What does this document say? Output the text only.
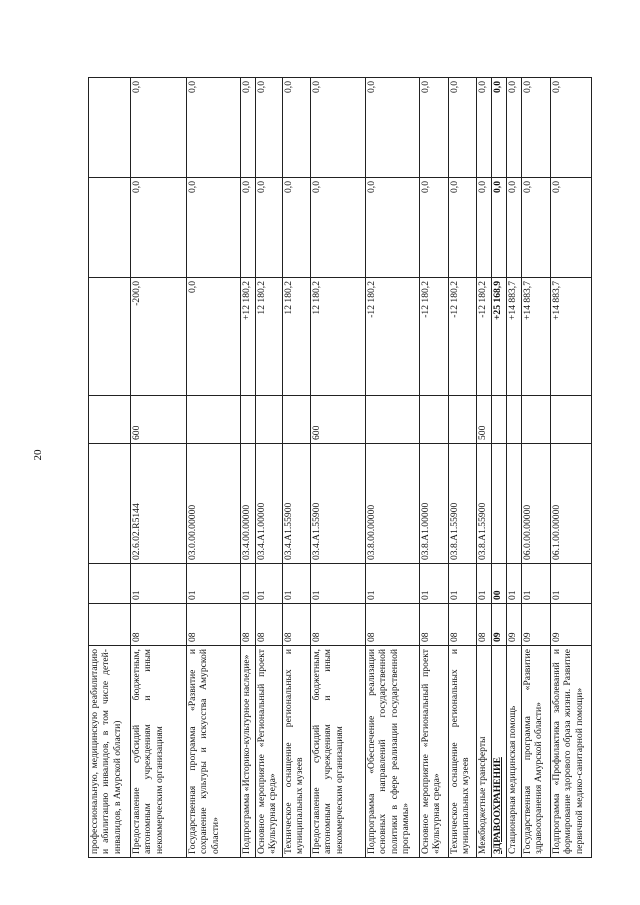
20
профессиональную, медицинскую реабилитацию и абилитацию инвалидов, в том числе детей-инвалидов, в Амурской области)							
Предоставление субсидий бюджетным, автономным учреждениям и иным некоммерческим организациям	08	01	02.6.02.R5144	600	-200,0	0,0	0,0
Государственная программа «Развитие и сохранение культуры и искусства Амурской области»	08	01	03.0.00.00000		0,0	0,0	0,0
Подпрограмма «Историко-культурное наследие»	08	01	03.4.00.00000		+12 180,2	0,0	0,0
Основное мероприятие «Региональный проект «Культурная среда»	08	01	03.4.A1.00000		12 180,2	0,0	0,0
Техническое оснащение региональных и муниципальных музеев	08	01	03.4.A1.55900		12 180,2	0,0	0,0
Предоставление субсидий бюджетным, автономным учреждениям и иным некоммерческим организациям	08	01	03.4.A1.55900	600	12 180,2	0,0	0,0
Подпрограмма «Обеспечение реализации основных направлений государственной политики в сфере реализации государственной программы»	08	01	03.8.00.00000		-12 180,2	0,0	0,0
Основное мероприятие «Региональный проект «Культурная среда»	08	01	03.8.A1.00000		-12 180,2	0,0	0,0
Техническое оснащение региональных и муниципальных музеев	08	01	03.8.A1.55900		-12 180,2	0,0	0,0
Межбюджетные трансферты	08	01	03.8.A1.55900	500	-12 180,2	0,0	0,0
ЗДРАВООХРАНЕНИЕ	09	00			+25 168,9	0,0	0,0
Стационарная медицинская помощь	09	01			+14 883,7	0,0	0,0
Государственная программа «Развитие здравоохранения Амурской области»	09	01	06.0.00.00000		+14 883,7	0,0	0,0
Подпрограмма «Профилактика заболеваний и формирование здорового образа жизни. Развитие первичной медико-санитарной помощи»	09	01	06.1.00.00000		+14 883,7	0,0	0,0
